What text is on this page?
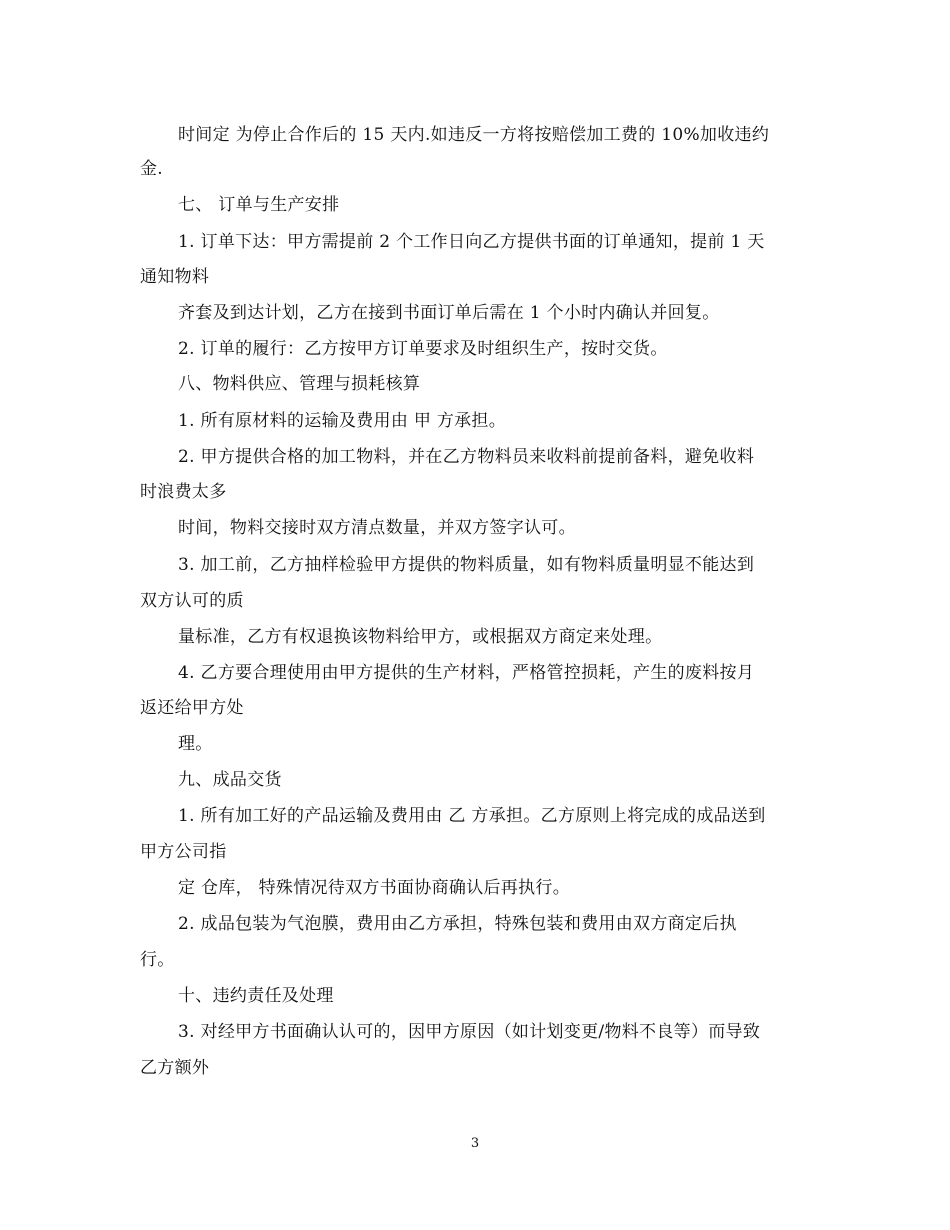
时间定 为停止合作后的 15 天内.如违反一方将按赔偿加工费的 10%加收违约
金.
七、 订单与生产安排
1. 订单下达：甲方需提前 2 个工作日向乙方提供书面的订单通知，提前 1 天
通知物料
齐套及到达计划，乙方在接到书面订单后需在 1 个小时内确认并回复。
2. 订单的履行：乙方按甲方订单要求及时组织生产，按时交货。
八、物料供应、管理与损耗核算
1. 所有原材料的运输及费用由 甲 方承担。
2. 甲方提供合格的加工物料，并在乙方物料员来收料前提前备料，避免收料
时浪费太多
时间，物料交接时双方清点数量，并双方签字认可。
3. 加工前，乙方抽样检验甲方提供的物料质量，如有物料质量明显不能达到
双方认可的质
量标准，乙方有权退换该物料给甲方，或根据双方商定来处理。
4. 乙方要合理使用由甲方提供的生产材料，严格管控损耗，产生的废料按月
返还给甲方处
理。
九、成品交货
1. 所有加工好的产品运输及费用由 乙 方承担。乙方原则上将完成的成品送到
甲方公司指
定 仓库， 特殊情况待双方书面协商确认后再执行。
2. 成品包装为气泡膜，费用由乙方承担，特殊包装和费用由双方商定后执
行。
十、违约责任及处理
3. 对经甲方书面确认认可的，因甲方原因（如计划变更/物料不良等）而导致
乙方额外
3
